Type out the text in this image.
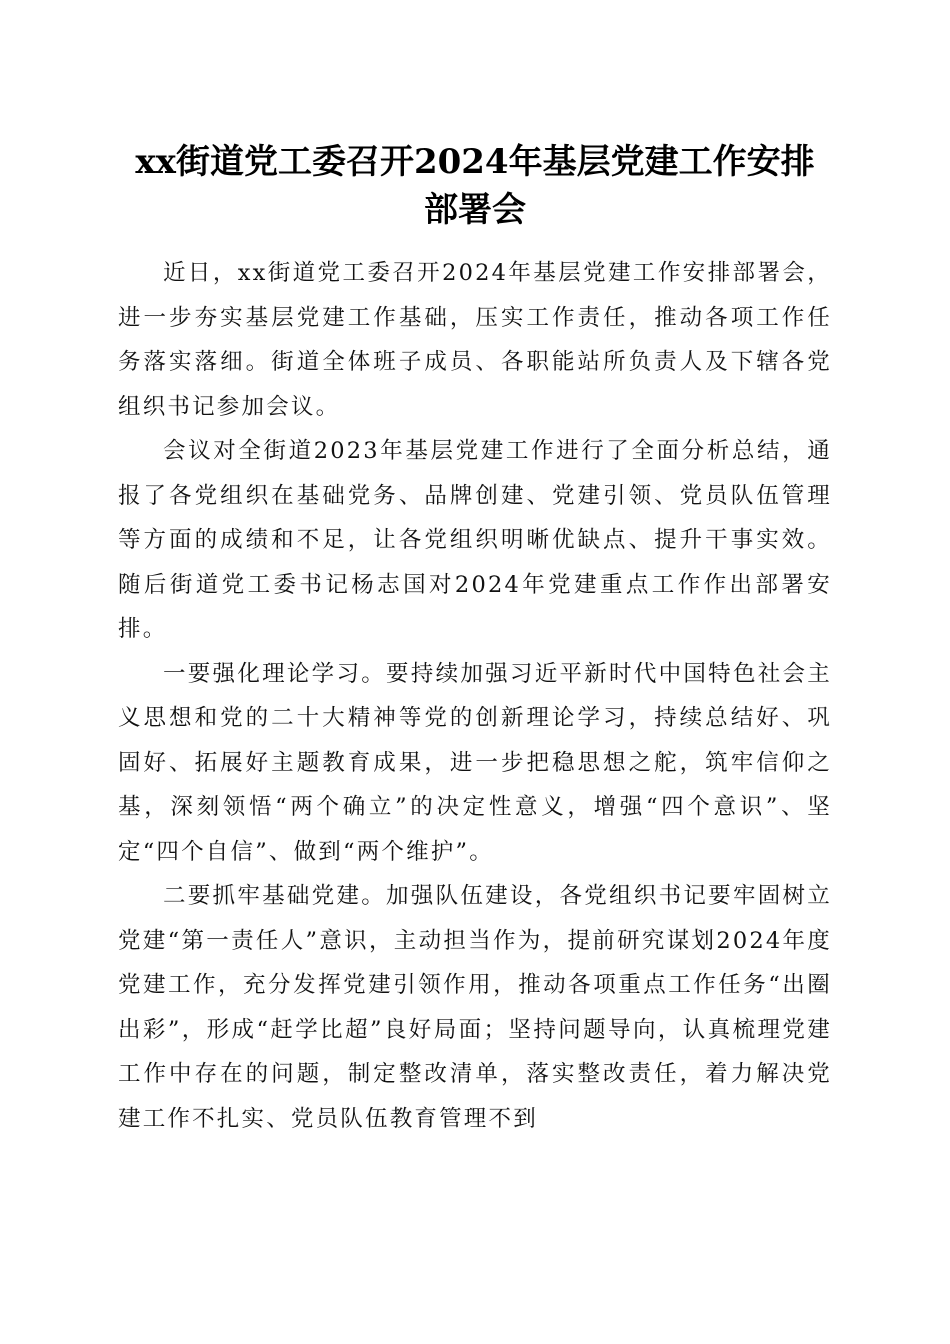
xx街道党工委召开2024年基层党建工作安排
部署会

近日，xx街道党工委召开2024年基层党建工作安排部署会，进一步夯实基层党建工作基础，压实工作责任，推动各项工作任务落实落细。街道全体班子成员、各职能站所负责人及下辖各党组织书记参加会议。

会议对全街道2023年基层党建工作进行了全面分析总结，通报了各党组织在基础党务、品牌创建、党建引领、党员队伍管理等方面的成绩和不足，让各党组织明晰优缺点、提升干事实效。随后街道党工委书记杨志国对2024年党建重点工作作出部署安排。

一要强化理论学习。要持续加强习近平新时代中国特色社会主义思想和党的二十大精神等党的创新理论学习，持续总结好、巩固好、拓展好主题教育成果，进一步把稳思想之舵，筑牢信仰之基，深刻领悟“两个确立”的决定性意义，增强“四个意识”、坚定“四个自信”、做到“两个维护”。

二要抓牢基础党建。加强队伍建设，各党组织书记要牢固树立党建“第一责任人”意识，主动担当作为，提前研究谋划2024年度党建工作，充分发挥党建引领作用，推动各项重点工作任务“出圈出彩”，形成“赶学比超”良好局面；坚持问题导向，认真梳理党建工作中存在的问题，制定整改清单，落实整改责任，着力解决党建工作不扎实、党员队伍教育管理不到
